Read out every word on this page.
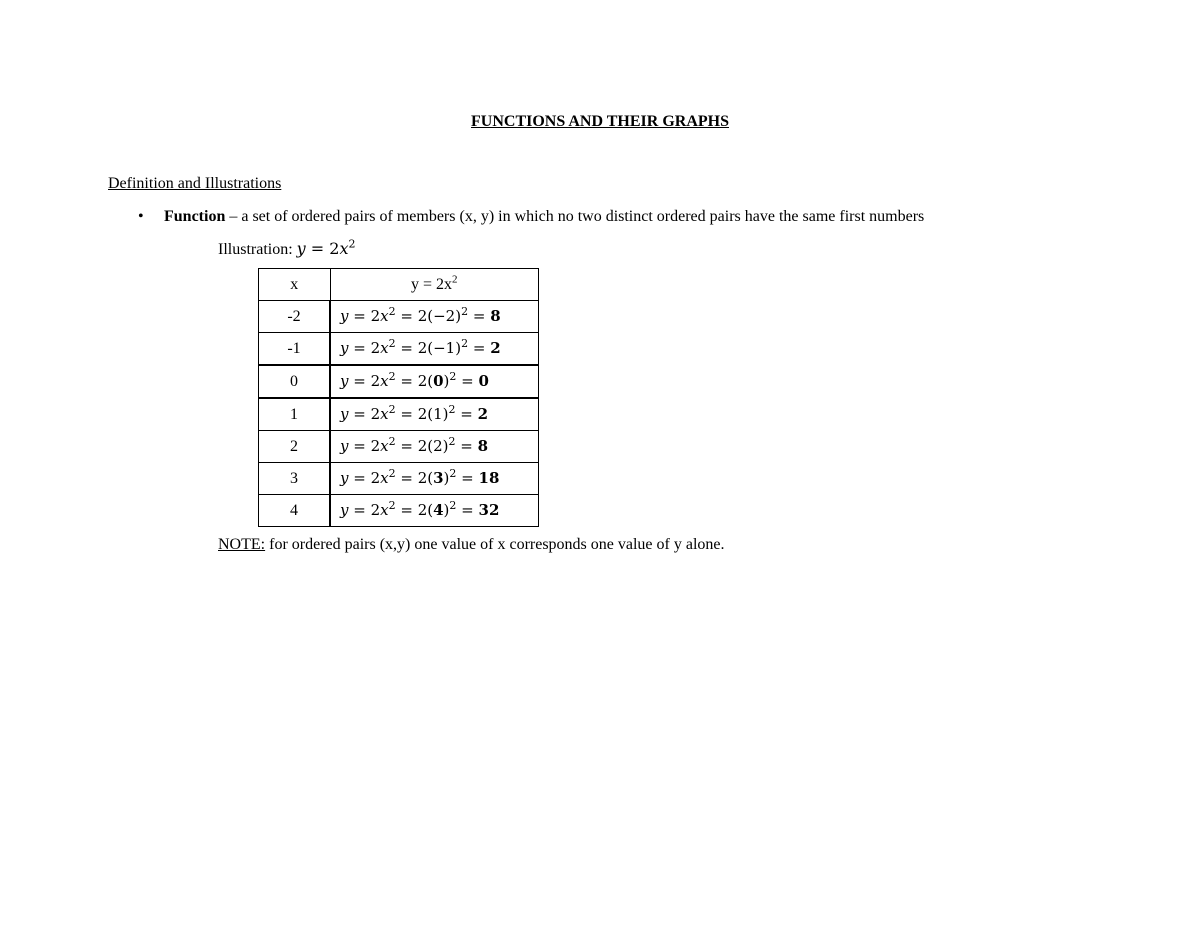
FUNCTIONS AND THEIR GRAPHS
Definition and Illustrations
• Function – a set of ordered pairs of members (x, y) in which no two distinct ordered pairs have the same first numbers
Illustration: $y = 2x^2$
x	$y = 2x^2$
-2	$y = 2x^2 = 2(-2)^2 = 8$
-1	$y = 2x^2 = 2(-1)^2 = 2$
0	$y = 2x^2 = 2(0)^2 = 0$
1	$y = 2x^2 = 2(1)^2 = 2$
2	$y = 2x^2 = 2(2)^2 = 8$
3	$y = 2x^2 = 2(3)^2 = 18$
4	$y = 2x^2 = 2(4)^2 = 32$
NOTE: for ordered pairs (x,y) one value of x corresponds one value of y alone.
